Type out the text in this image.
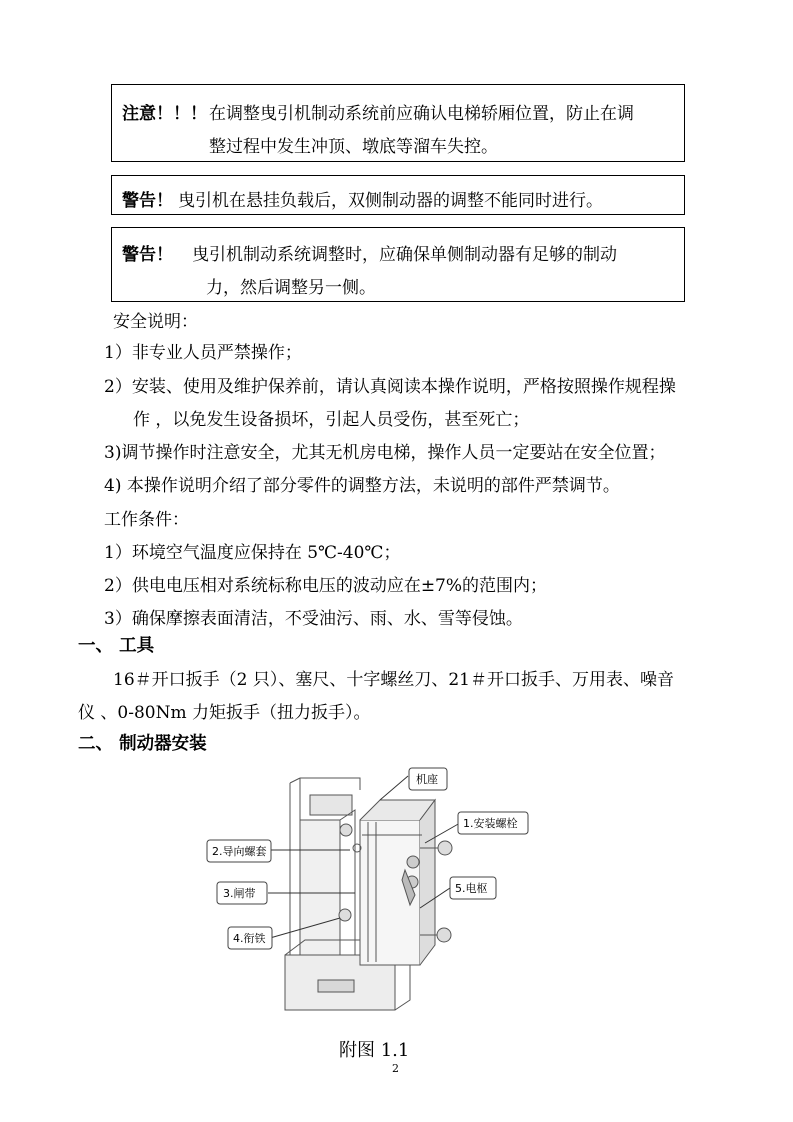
注意！！！ 在调整曳引机制动系统前应确认电梯轿厢位置，防止在调
整过程中发生冲顶、墩底等溜车失控。
警告！ 曳引机在悬挂负载后，双侧制动器的调整不能同时进行。
警告！ 曳引机制动系统调整时，应确保单侧制动器有足够的制动
力，然后调整另一侧。
安全说明：
1）非专业人员严禁操作；
2）安装、使用及维护保养前，请认真阅读本操作说明，严格按照操作规程操
作 ，以免发生设备损坏，引起人员受伤，甚至死亡；
3)调节操作时注意安全，尤其无机房电梯，操作人员一定要站在安全位置；
4) 本操作说明介绍了部分零件的调整方法，未说明的部件严禁调节。
工作条件：
1）环境空气温度应保持在 5℃-40℃；
2）供电电压相对系统标称电压的波动应在±7%的范围内；
3）确保摩擦表面清洁，不受油污、雨、水、雪等侵蚀。
一、 工具
16＃开口扳手（2 只）、塞尺、十字螺丝刀、21＃开口扳手、万用表、噪音
仪 、0-80Nm 力矩扳手（扭力扳手）。
二、 制动器安装
机座
1.安装螺栓
2.导向螺套
3.闸带
4.衔铁
5.电枢
附图 1.1
2
